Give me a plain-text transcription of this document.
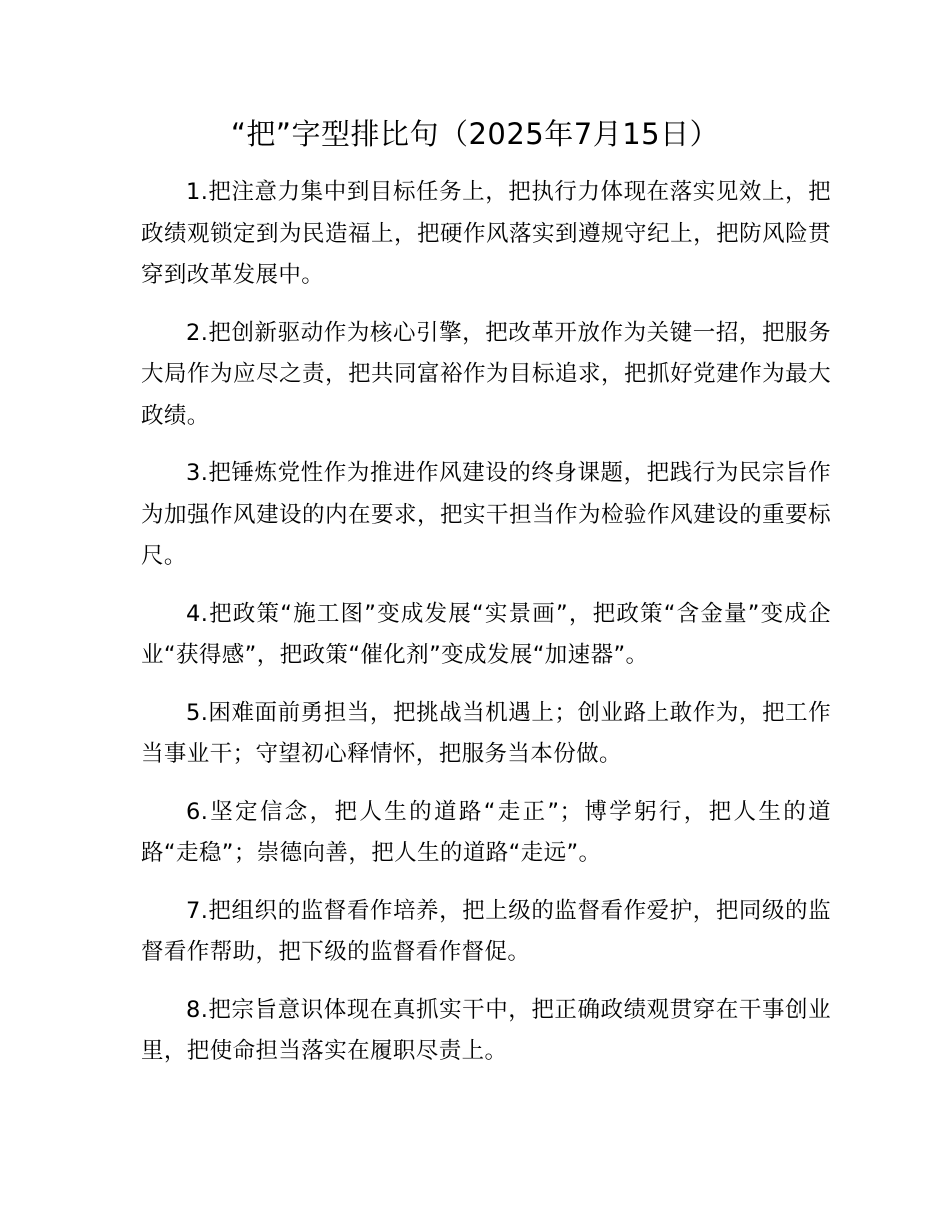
“把”字型排比句（2025年7月15日）

1.把注意力集中到目标任务上，把执行力体现在落实见效上，把政绩观锁定到为民造福上，把硬作风落实到遵规守纪上，把防风险贯穿到改革发展中。

2.把创新驱动作为核心引擎，把改革开放作为关键一招，把服务大局作为应尽之责，把共同富裕作为目标追求，把抓好党建作为最大政绩。

3.把锤炼党性作为推进作风建设的终身课题，把践行为民宗旨作为加强作风建设的内在要求，把实干担当作为检验作风建设的重要标尺。

4.把政策“施工图”变成发展“实景画”，把政策“含金量”变成企业“获得感”，把政策“催化剂”变成发展“加速器”。

5.困难面前勇担当，把挑战当机遇上；创业路上敢作为，把工作当事业干；守望初心释情怀，把服务当本份做。

6.坚定信念，把人生的道路“走正”；博学躬行，把人生的道路“走稳”；崇德向善，把人生的道路“走远”。

7.把组织的监督看作培养，把上级的监督看作爱护，把同级的监督看作帮助，把下级的监督看作督促。

8.把宗旨意识体现在真抓实干中，把正确政绩观贯穿在干事创业里，把使命担当落实在履职尽责上。
